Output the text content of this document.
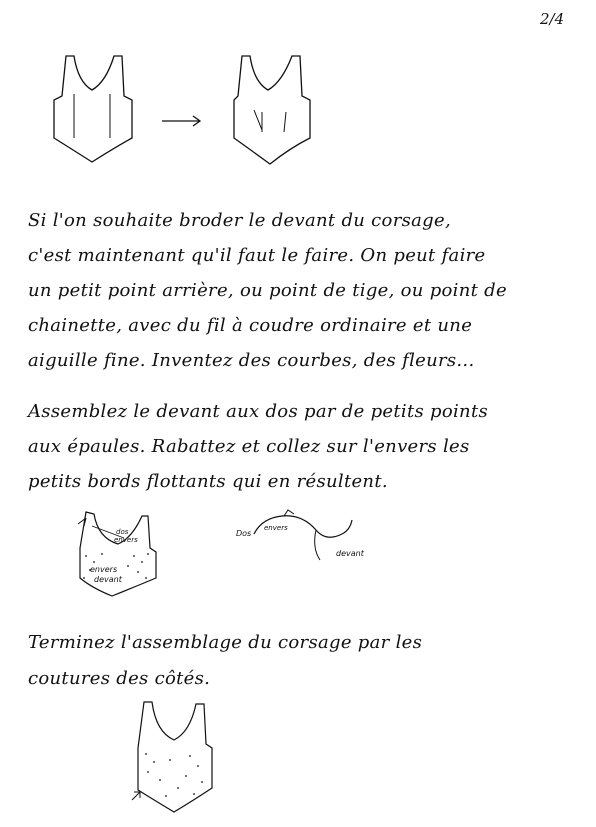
2/4
Si l'on souhaite broder le devant du corsage,
c'est maintenant qu'il faut le faire. On peut faire
un petit point arrière, ou point de tige, ou point de
chainette, avec du fil à coudre ordinaire et une
aiguille fine. Inventez des courbes, des fleurs...
Assemblez le devant aux dos par de petits points
aux épaules. Rabattez et collez sur l'envers les
petits bords flottants qui en résultent.
dos
envers
envers
devant
Dos
envers
devant
Terminez l'assemblage du corsage par les
coutures des côtés.
